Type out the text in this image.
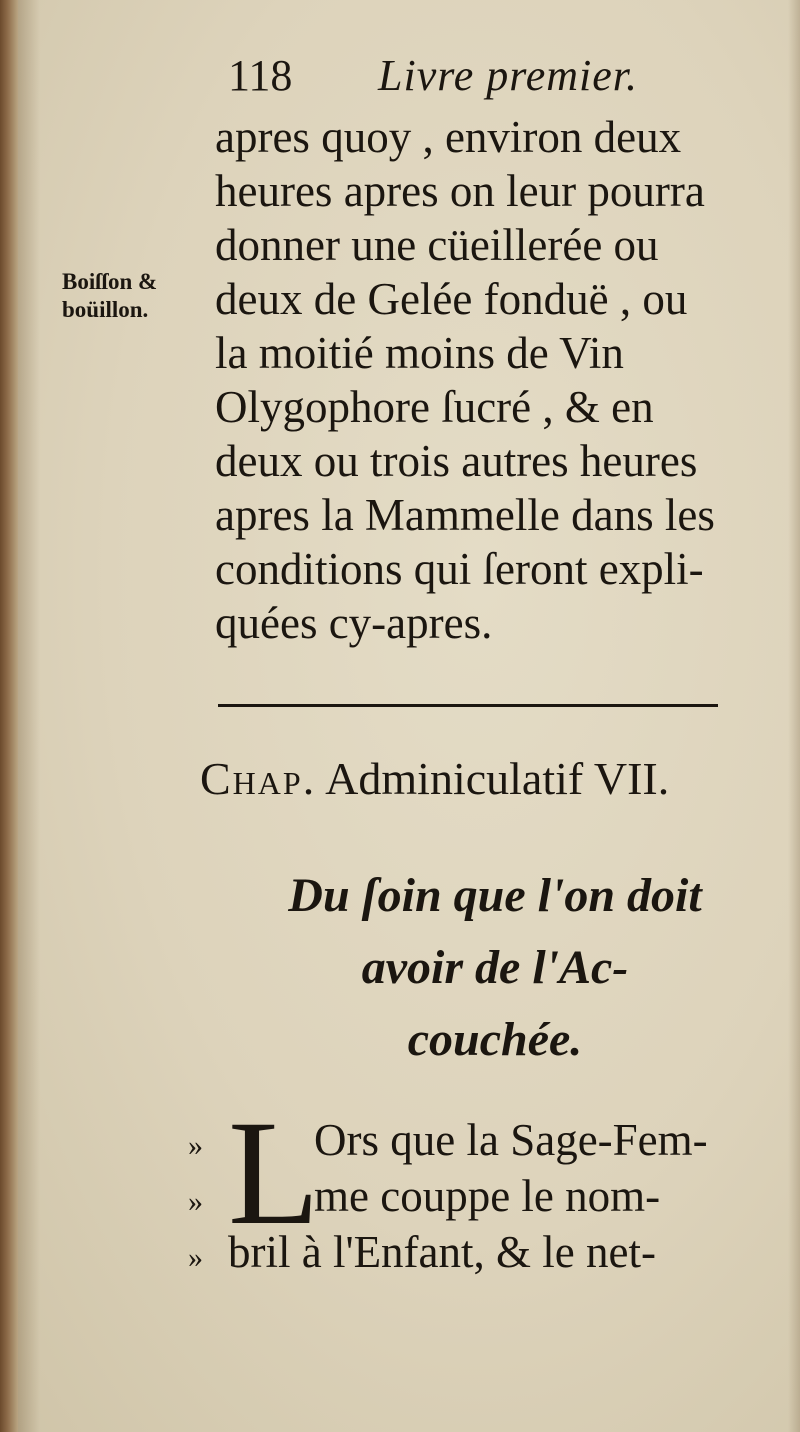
118 Livre premier.
Boiſſon &
boüillon.
apres quoy , environ deux
heures apres on leur pourra
donner une cüeillerée ou
deux de Gelée fonduë , ou
la moitié moins de Vin
Olygophore ſucré , & en
deux ou trois autres heures
apres la Mammelle dans les
conditions qui ſeront expli-
quées cy-apres.
Chap. Adminiculatif VII.
Du ſoin que l'on doit
avoir de l'Ac-
couchée.
»
»
»
L
Ors que la Sage-Fem-
me couppe le nom-
bril à l'Enfant, & le net-
